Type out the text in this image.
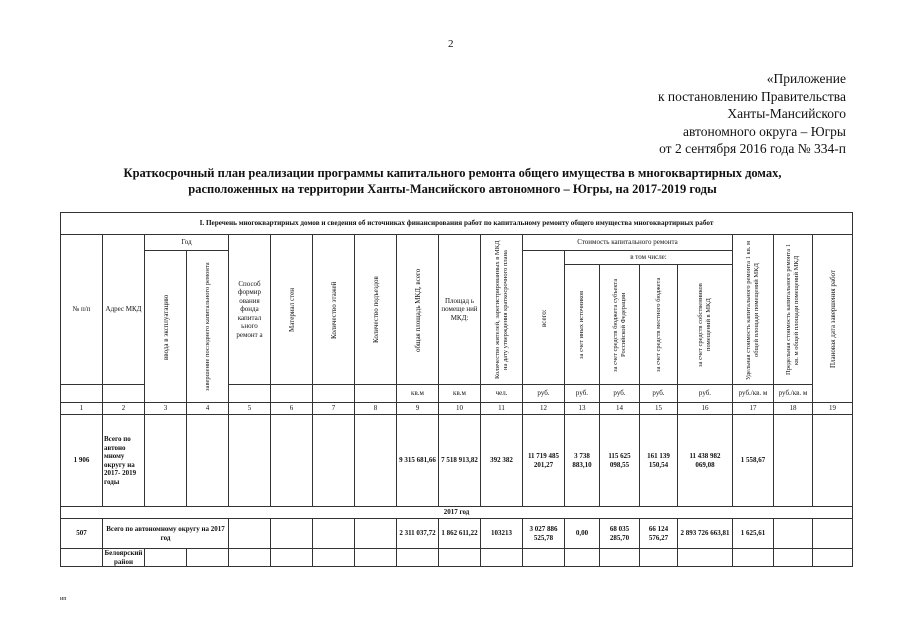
2
«Приложение
к постановлению Правительства
Ханты-Мансийского
автономного округа – Югры
от 2 сентября 2016 года № 334-п
Краткосрочный план реализации программы капитального ремонта общего имущества в многоквартирных домах,
расположенных на территории Ханты-Мансийского автономного – Югры, на 2017-2019 годы
I. Перечень многоквартирных домов и сведения об источниках финансирования работ по капитальному ремонту общего имущества многоквартирных работ																		
№ п/п	Адрес МКД	Год		Способ формир ования фонда капитал ьного ремонт а	Материал стен	Количество этажей	Количество подъездов	общая площадь МКД, всего	Площад ь помеще ний МКД:	Количество жителей, зарегистрированных в МКД на дату утверждения краткосрочного плана	Стоимость капитального ремонта					Удельная стоимость капитального ремонта 1 кв. м общей площади помещений МКД	Предельная стоимость капитального ремонта 1 кв. м общей площади помещений МКД	Плановая дата завершения работ

		ввода в эксплуатацию	завершение последнего капитального ремонта								всего:	в том числе:						

												за счет иных источников	за счет средств бюджета субъекта Российской Федерации	за счет средств местного бюджета	за счет средств собственников помещений в МКД			

								кв.м	кв.м	чел.	руб.	руб.	руб.	руб.	руб.	руб./кв. м	руб./кв. м	
1	2	3	4	5	6	7	8	9	10	11	12	13	14	15	16	17	18	19
1 906	Всего по автоно мному округу на 2017- 2019 годы							9 315 681,66	7 518 913,82	392 382	11 719 485 201,27	3 738 883,10	115 625 098,55	161 139 150,54	11 438 982 069,08	1 558,67		
2017 год																		
507	Всего по автономному округу на 2017 год							2 311 037,72	1 862 611,22	103213	3 027 886 525,78	0,00	68 035 285,70	66 124 576,27	2 893 726 663,81	1 625,61		
	Белоярский район																	
ип
